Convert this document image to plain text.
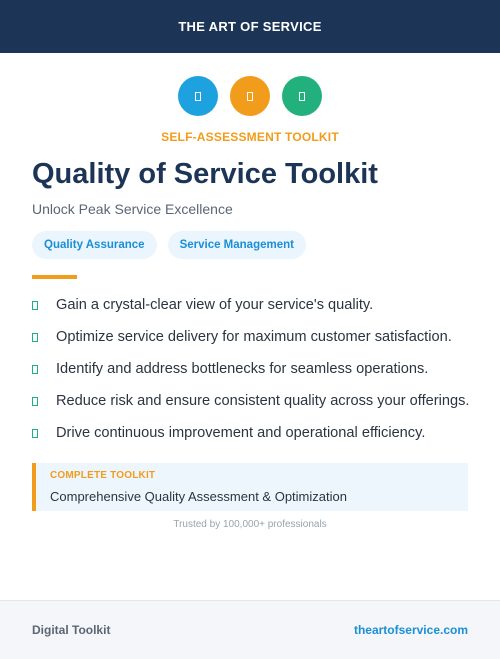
THE ART OF SERVICE
SELF-ASSESSMENT TOOLKIT
Quality of Service Toolkit
Unlock Peak Service Excellence
Quality Assurance	Service Management
Gain a crystal-clear view of your service's quality.
Optimize service delivery for maximum customer satisfaction.
Identify and address bottlenecks for seamless operations.
Reduce risk and ensure consistent quality across your offerings.
Drive continuous improvement and operational efficiency.
COMPLETE TOOLKIT
Comprehensive Quality Assessment & Optimization
Trusted by 100,000+ professionals
Digital Toolkit	theartofservice.com
